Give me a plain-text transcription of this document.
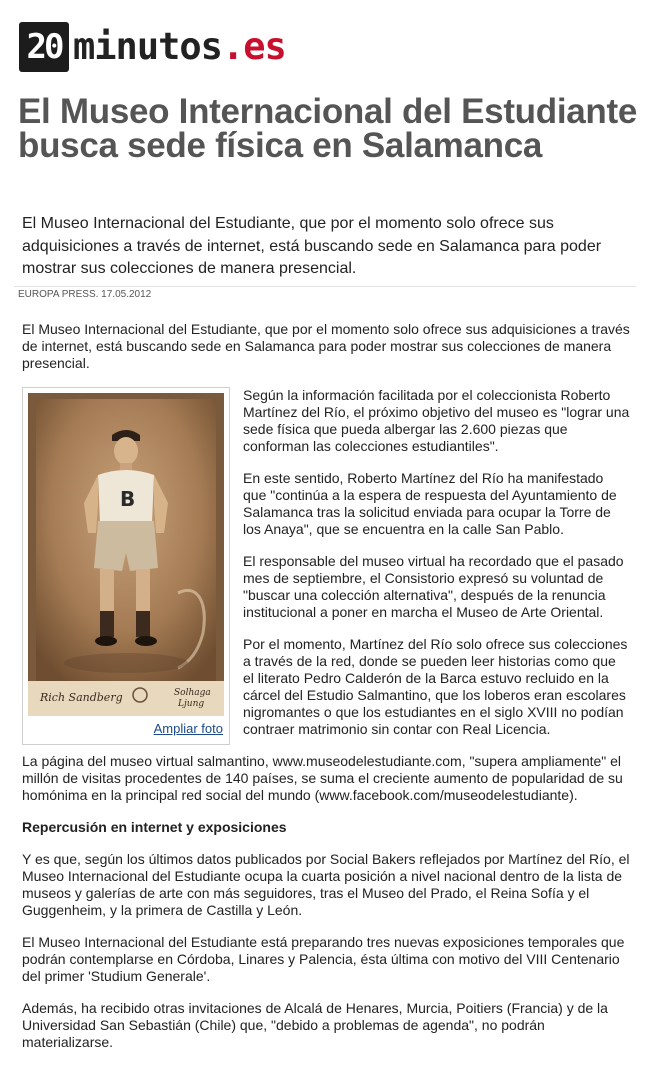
20 minutos.es
El Museo Internacional del Estudiante busca sede física en Salamanca

El Museo Internacional del Estudiante, que por el momento solo ofrece sus adquisiciones a través de internet, está buscando sede en Salamanca para poder mostrar sus colecciones de manera presencial.

EUROPA PRESS. 17.05.2012

El Museo Internacional del Estudiante, que por el momento solo ofrece sus adquisiciones a través de internet, está buscando sede en Salamanca para poder mostrar sus colecciones de manera presencial.

B
Rich Sandberg	Solhaga
Ljung
Ampliar foto

Según la información facilitada por el coleccionista Roberto Martínez del Río, el próximo objetivo del museo es "lograr una sede física que pueda albergar las 2.600 piezas que conforman las colecciones estudiantiles".

En este sentido, Roberto Martínez del Río ha manifestado que "continúa a la espera de respuesta del Ayuntamiento de Salamanca tras la solicitud enviada para ocupar la Torre de los Anaya", que se encuentra en la calle San Pablo.

El responsable del museo virtual ha recordado que el pasado mes de septiembre, el Consistorio expresó su voluntad de "buscar una colección alternativa", después de la renuncia institucional a poner en marcha el Museo de Arte Oriental.

Por el momento, Martínez del Río solo ofrece sus colecciones a través de la red, donde se pueden leer historias como que el literato Pedro Calderón de la Barca estuvo recluido en la cárcel del Estudio Salmantino, que los loberos eran escolares nigromantes o que los estudiantes en el siglo XVIII no podían contraer matrimonio sin contar con Real Licencia.

La página del museo virtual salmantino, www.museodelestudiante.com, "supera ampliamente" el millón de visitas procedentes de 140 países, se suma el creciente aumento de popularidad de su homónima en la principal red social del mundo (www.facebook.com/museodelestudiante).

Repercusión en internet y exposiciones

Y es que, según los últimos datos publicados por Social Bakers reflejados por Martínez del Río, el Museo Internacional del Estudiante ocupa la cuarta posición a nivel nacional dentro de la lista de museos y galerías de arte con más seguidores, tras el Museo del Prado, el Reina Sofía y el Guggenheim, y la primera de Castilla y León.

El Museo Internacional del Estudiante está preparando tres nuevas exposiciones temporales que podrán contemplarse en Córdoba, Linares y Palencia, ésta última con motivo del VIII Centenario del primer 'Studium Generale'.

Además, ha recibido otras invitaciones de Alcalá de Henares, Murcia, Poitiers (Francia) y de la Universidad San Sebastián (Chile) que, "debido a problemas de agenda", no podrán materializarse.
